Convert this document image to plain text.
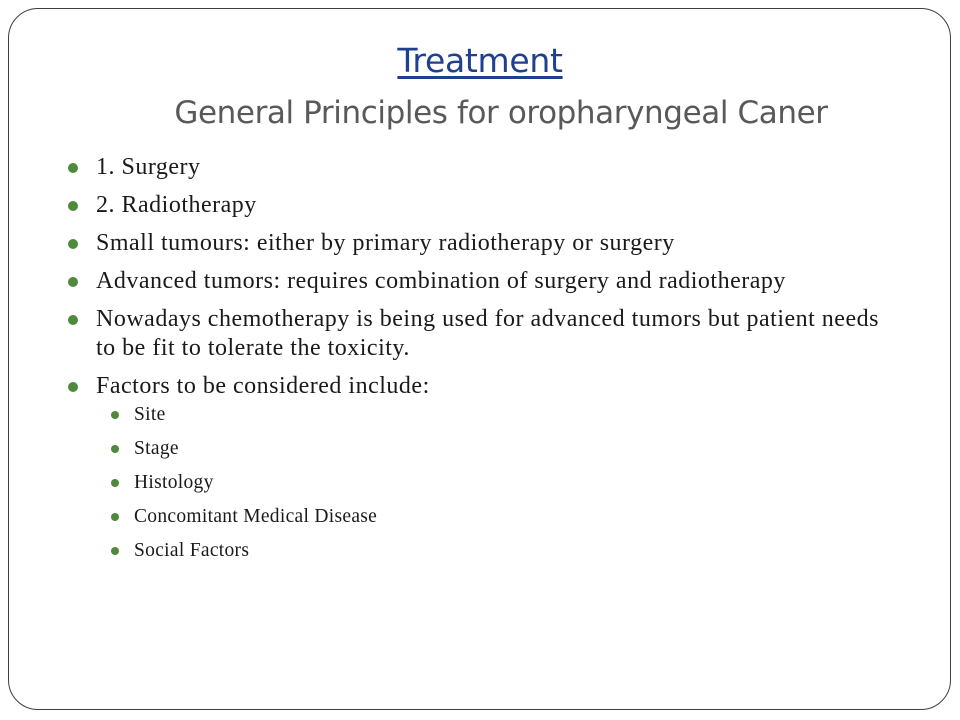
Treatment
General Principles for oropharyngeal Caner
1. Surgery
2. Radiotherapy
Small tumours: either by primary radiotherapy or surgery
Advanced tumors: requires combination of surgery and radiotherapy
Nowadays chemotherapy is being used for advanced tumors but patient needs to be fit to tolerate the toxicity.
Factors to be considered include:
Site
Stage
Histology
Concomitant Medical Disease
Social Factors
